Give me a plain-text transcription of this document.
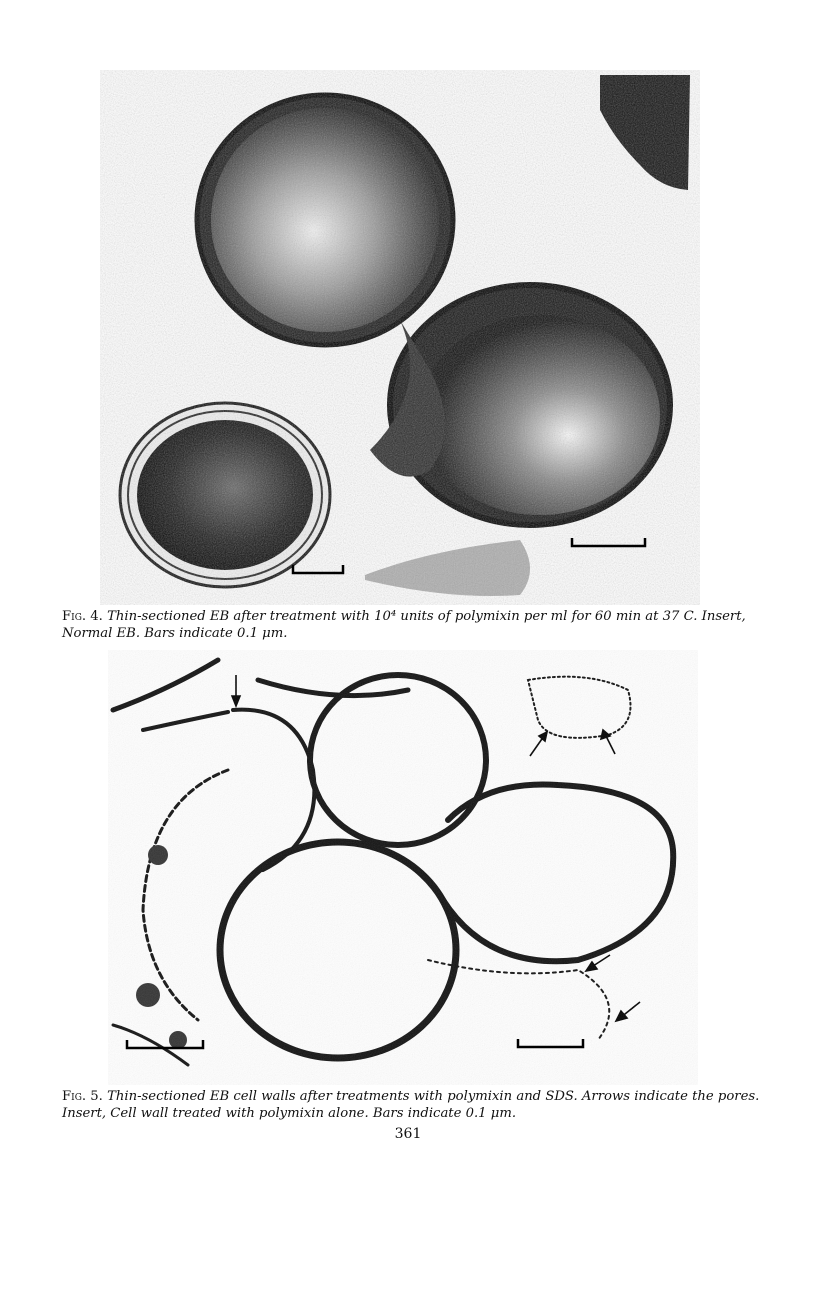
Fig. 4. Thin-sectioned EB after treatment with 10⁴ units of polymixin per ml for 60 min at 37 C. Insert, Normal EB. Bars indicate 0.1 μm.
Fig. 5. Thin-sectioned EB cell walls after treatments with polymixin and SDS. Arrows indicate the pores. Insert, Cell wall treated with polymixin alone. Bars indicate 0.1 μm.
361
